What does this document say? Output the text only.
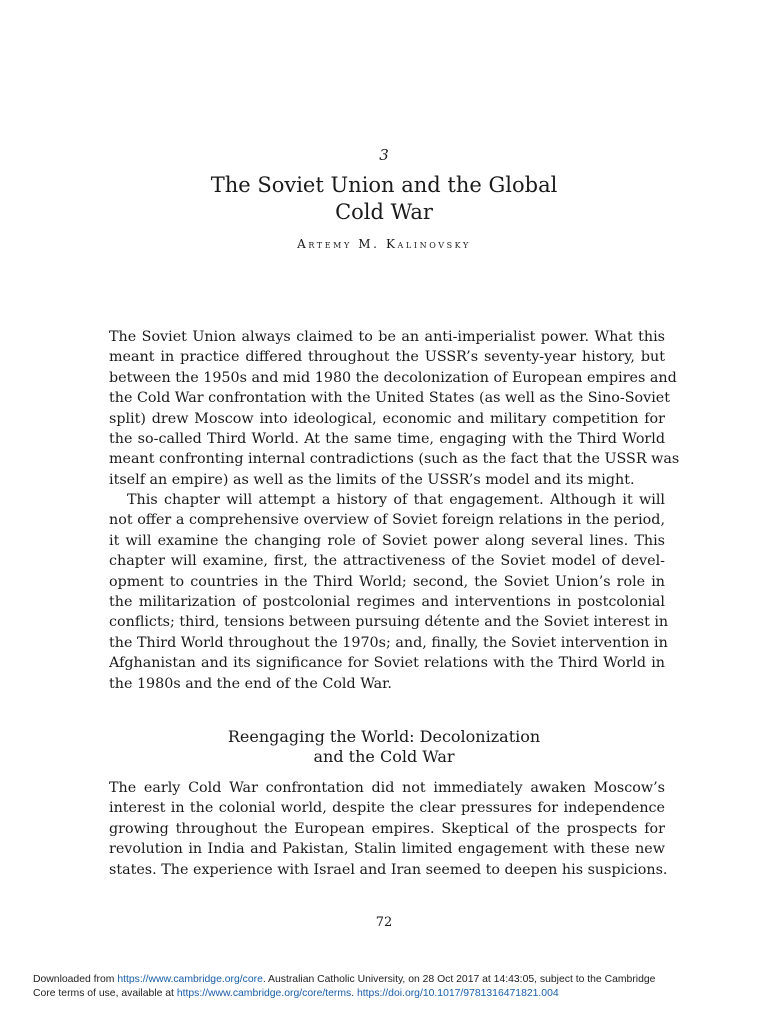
3
The Soviet Union and the Global
Cold War
Artemy M. Kalinovsky
The Soviet Union always claimed to be an anti-imperialist power. What this
meant in practice differed throughout the USSR’s seventy-year history, but
between the 1950s and mid 1980 the decolonization of European empires and
the Cold War confrontation with the United States (as well as the Sino-Soviet
split) drew Moscow into ideological, economic and military competition for
the so-called Third World. At the same time, engaging with the Third World
meant confronting internal contradictions (such as the fact that the USSR was
itself an empire) as well as the limits of the USSR’s model and its might.
This chapter will attempt a history of that engagement. Although it will
not offer a comprehensive overview of Soviet foreign relations in the period,
it will examine the changing role of Soviet power along several lines. This
chapter will examine, first, the attractiveness of the Soviet model of devel-
opment to countries in the Third World; second, the Soviet Union’s role in
the militarization of postcolonial regimes and interventions in postcolonial
conflicts; third, tensions between pursuing détente and the Soviet interest in
the Third World throughout the 1970s; and, finally, the Soviet intervention in
Afghanistan and its significance for Soviet relations with the Third World in
the 1980s and the end of the Cold War.
Reengaging the World: Decolonization
and the Cold War
The early Cold War confrontation did not immediately awaken Moscow’s
interest in the colonial world, despite the clear pressures for independence
growing throughout the European empires. Skeptical of the prospects for
revolution in India and Pakistan, Stalin limited engagement with these new
states. The experience with Israel and Iran seemed to deepen his suspicions.
72
Downloaded from https://www.cambridge.org/core. Australian Catholic University, on 28 Oct 2017 at 14:43:05, subject to the Cambridge
Core terms of use, available at https://www.cambridge.org/core/terms. https://doi.org/10.1017/9781316471821.004
